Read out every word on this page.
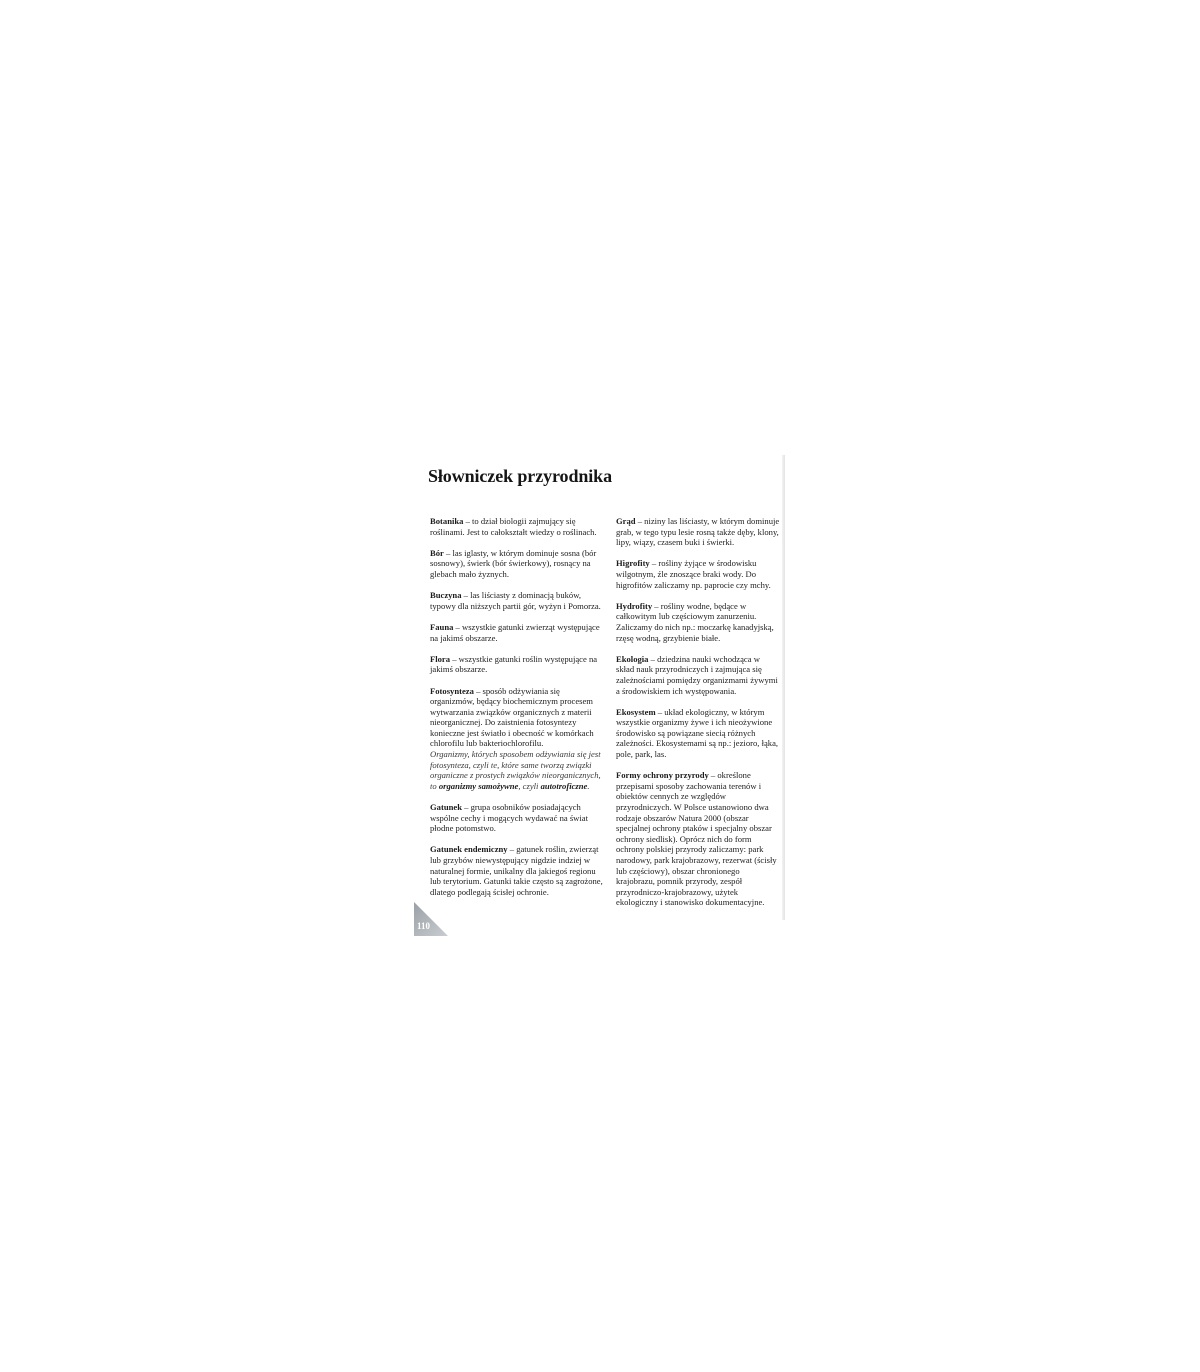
Słowniczek przyrodnika

Botanika – to dział biologii zajmujący się roślinami. Jest to całokształt wiedzy o roślinach.

Bór – las iglasty, w którym dominuje sosna (bór sosnowy), świerk (bór świerkowy), rosnący na glebach mało żyznych.

Buczyna – las liściasty z dominacją buków, typowy dla niższych partii gór, wyżyn i Pomorza.

Fauna – wszystkie gatunki zwierząt występujące na jakimś obszarze.

Flora – wszystkie gatunki roślin występujące na jakimś obszarze.

Fotosynteza – sposób odżywiania się organizmów, będący biochemicznym procesem wytwarzania związków organicznych z materii nieorganicznej. Do zaistnienia fotosyntezy konieczne jest światło i obecność w komórkach chlorofilu lub bakteriochlorofilu.
Organizmy, których sposobem odżywiania się jest fotosynteza, czyli te, które same tworzą związki organiczne z prostych związków nieorganicznych, to organizmy samożywne, czyli autotroficzne.

Gatunek – grupa osobników posiadających wspólne cechy i mogących wydawać na świat płodne potomstwo.

Gatunek endemiczny – gatunek roślin, zwierząt lub grzybów niewystępujący nigdzie indziej w naturalnej formie, unikalny dla jakiegoś regionu lub terytorium. Gatunki takie często są zagrożone, dlatego podlegają ścisłej ochronie.

Grąd – niziny las liściasty, w którym dominuje grab, w tego typu lesie rosną także dęby, klony, lipy, wiązy, czasem buki i świerki.

Higrofity – rośliny żyjące w środowisku wilgotnym, źle znoszące braki wody. Do higrofitów zaliczamy np. paprocie czy mchy.

Hydrofity – rośliny wodne, będące w całkowitym lub częściowym zanurzeniu. Zaliczamy do nich np.: moczarkę kanadyjską, rzęsę wodną, grzybienie białe.

Ekologia – dziedzina nauki wchodząca w skład nauk przyrodniczych i zajmująca się zależnościami pomiędzy organizmami żywymi a środowiskiem ich występowania.

Ekosystem – układ ekologiczny, w którym wszystkie organizmy żywe i ich nieożywione środowisko są powiązane siecią różnych zależności. Ekosystemami są np.: jezioro, łąka, pole, park, las.

Formy ochrony przyrody – określone przepisami sposoby zachowania terenów i obiektów cennych ze względów przyrodniczych. W Polsce ustanowiono dwa rodzaje obszarów Natura 2000 (obszar specjalnej ochrony ptaków i specjalny obszar ochrony siedlisk). Oprócz nich do form ochrony polskiej przyrody zaliczamy: park narodowy, park krajobrazowy, rezerwat (ścisły lub częściowy), obszar chronionego krajobrazu, pomnik przyrody, zespół przyrodniczo-krajobrazowy, użytek ekologiczny i stanowisko dokumentacyjne.

110
